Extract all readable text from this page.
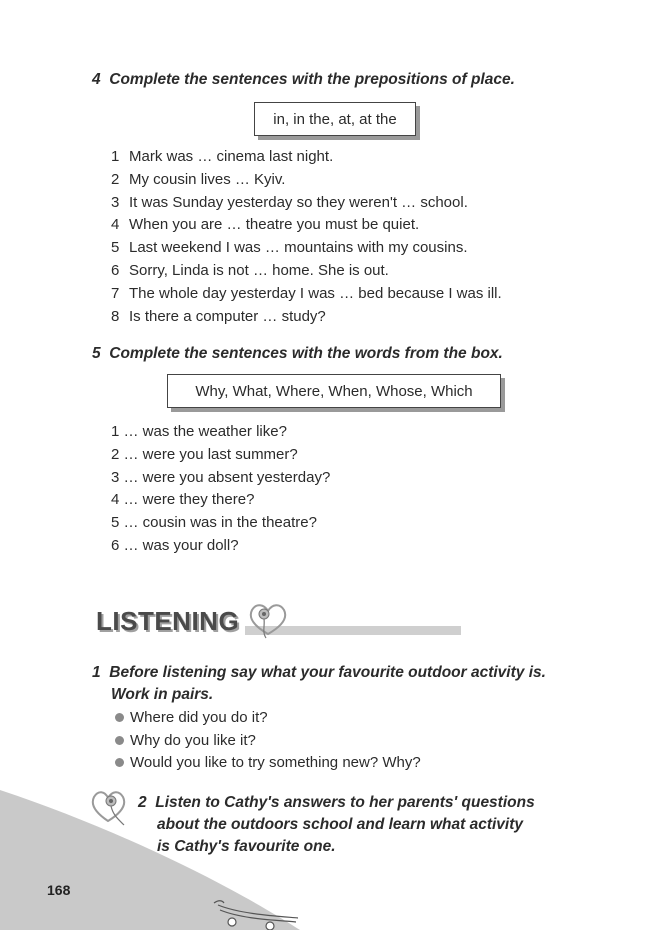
4 Complete the sentences with the prepositions of place.
in, in the, at, at the
1 Mark was … cinema last night.
2 My cousin lives … Kyiv.
3 It was Sunday yesterday so they weren't … school.
4 When you are … theatre you must be quiet.
5 Last weekend I was … mountains with my cousins.
6 Sorry, Linda is not … home. She is out.
7 The whole day yesterday I was … bed because I was ill.
8 Is there a computer … study?
5 Complete the sentences with the words from the box.
Why, What, Where, When, Whose, Which
1 … was the weather like?
2 … were you last summer?
3 … were you absent yesterday?
4 … were they there?
5 … cousin was in the theatre?
6 … was your doll?
LISTENING
1 Before listening say what your favourite outdoor activity is.
Work in pairs.
Where did you do it?
Why do you like it?
Would you like to try something new? Why?
2 Listen to Cathy's answers to her parents' questions
about the outdoors school and learn what activity
is Cathy's favourite one.
168
